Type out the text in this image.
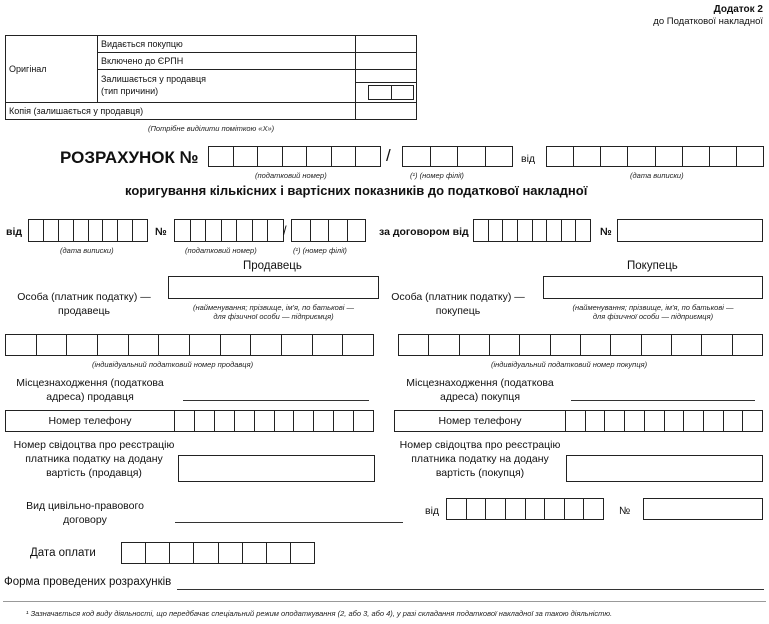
Додаток 2
до Податкової накладної
Оригінал	Видається покупцю	
	Включено до ЄРПН	

	Залишається у продавця
(тип причини)	

Копія (залишається у продавця)		
(Потрібне виділити поміткою «Х»)
РОЗРАХУНОК №	/	від
(податковий номер)	(¹) (номер філії)	(дата виписки)
коригування кількісних і вартісних показників до податкової накладної
від	№	/	за договором від	№
(дата виписки)	(податковий номер)	(¹) (номер філії)
Продавець	Покупець
Особа (платник податку) —
продавець	(найменування; прізвище, ім'я, по батькові —
для фізичної особи — підприємця)
Особа (платник податку) —
покупець	(найменування; прізвище, ім'я, по батькові —
для фізичної особи — підприємця)
(індивідуальний податковий номер продавця)	(індивідуальний податковий номер покупця)
Місцезнаходження (податкова
адреса) продавця
Місцезнаходження (податкова
адреса) покупця
Номер телефону	Номер телефону
Номер свідоцтва про реєстрацію
платника податку на додану
вартість (продавця)
Номер свідоцтва про реєстрацію
платника податку на додану
вартість (покупця)
Вид цивільно-правового
договору
від	№
Дата оплати
Форма проведених розрахунків
¹ Зазначається код виду діяльності, що передбачає спеціальний режим оподаткування (2, або 3, або 4), у разі складання податкової накладної за такою діяльністю.
